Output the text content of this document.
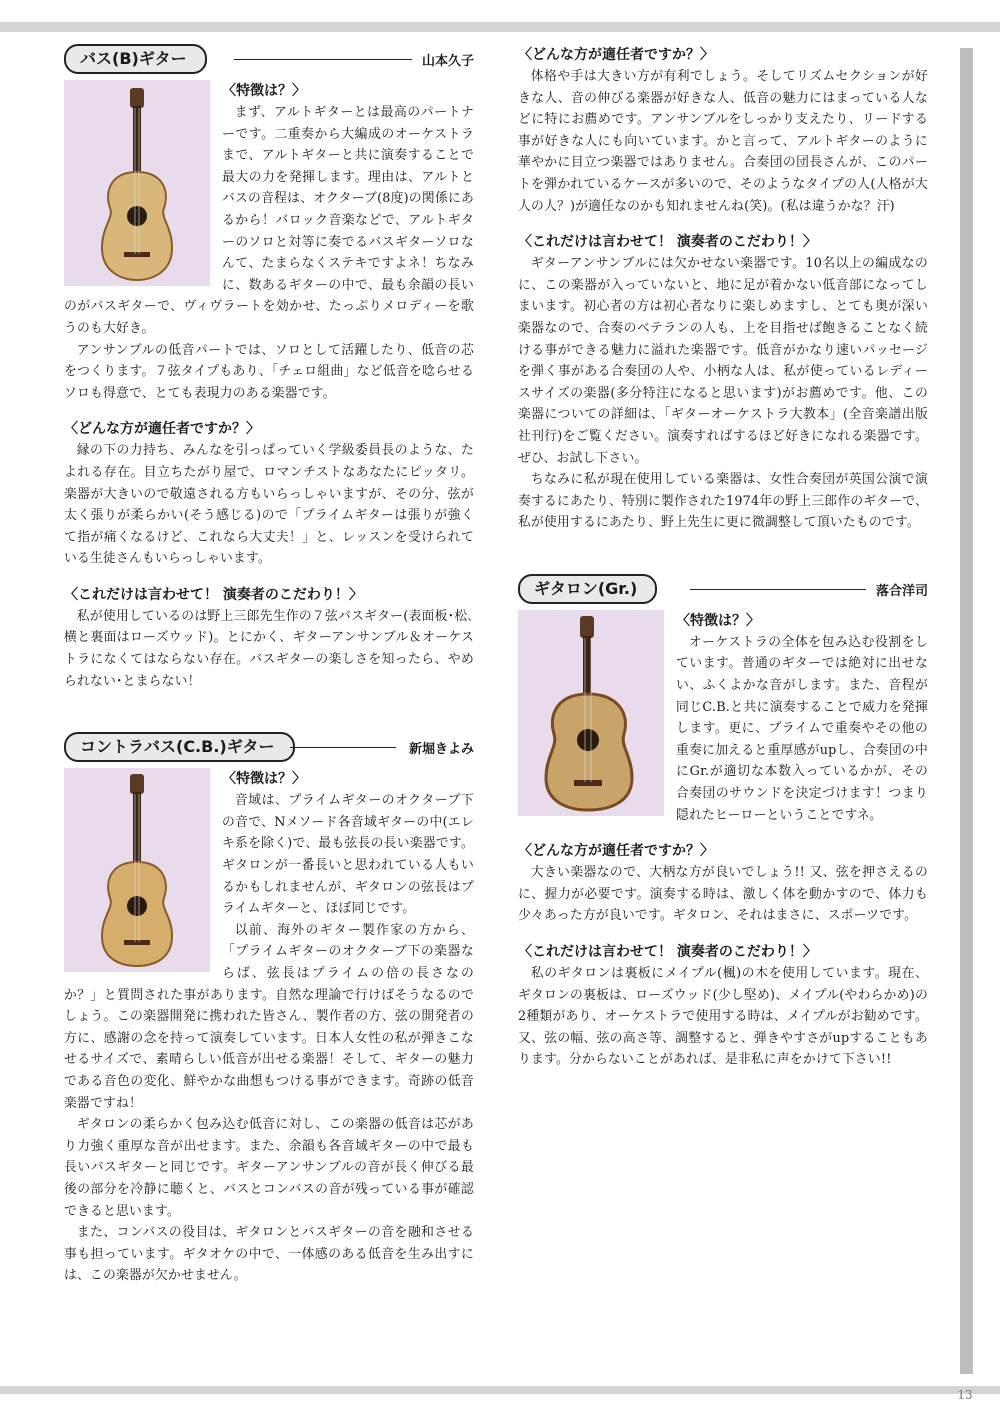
13
バス(B)ギター	山本久子
〈特徴は？〉

まず、アルトギターとは最高のパートナーです。二重奏から大編成のオーケストラまで、アルトギターと共に演奏することで最大の力を発揮します。理由は、アルトとバスの音程は、オクターブ(8度)の関係にあるから！バロック音楽などで、アルトギターのソロと対等に奏でるバスギターソロなんて、たまらなくステキですよネ！ちなみに、数あるギターの中で、最も余韻の長いのがバスギターで、ヴィヴラートを効かせ、たっぷりメロディーを歌うのも大好き。

アンサンブルの低音パートでは、ソロとして活躍したり、低音の芯をつくります。７弦タイプもあり、「チェロ組曲」など低音を唸らせるソロも得意で、とても表現力のある楽器です。

〈どんな方が適任者ですか？〉

縁の下の力持ち、みんなを引っぱっていく学級委員長のような、たよれる存在。目立ちたがり屋で、ロマンチストなあなたにピッタリ。楽器が大きいので敬遠される方もいらっしゃいますが、その分、弦が太く張りが柔らかい(そう感じる)ので「プライムギターは張りが強くて指が痛くなるけど、これなら大丈夫！」と、レッスンを受けられている生徒さんもいらっしゃいます。

〈これだけは言わせて！ 演奏者のこだわり！〉

私が使用しているのは野上三郎先生作の７弦バスギター(表面板･松､横と裏面はローズウッド)。とにかく、ギターアンサンブル＆オーケストラになくてはならない存在。バスギターの楽しさを知ったら、やめられない･とまらない！

コントラバス(C.B.)ギター	新堀きよみ
〈特徴は？〉

音域は、プライムギターのオクターブ下の音で、Nメソード各音域ギターの中(エレキ系を除く)で、最も弦長の長い楽器です。ギタロンが一番長いと思われている人もいるかもしれませんが、ギタロンの弦長はプライムギターと、ほぼ同じです。

以前、海外のギター製作家の方から、「プライムギターのオクターブ下の楽器ならば、弦長はプライムの倍の長さなのか？」と質問された事があります。自然な理論で行けばそうなるのでしょう。この楽器開発に携われた皆さん、製作者の方、弦の開発者の方に、感謝の念を持って演奏しています。日本人女性の私が弾きこなせるサイズで、素晴らしい低音が出せる楽器！そして、ギターの魅力である音色の変化、鮮やかな曲想もつける事ができます。奇跡の低音楽器ですね！

ギタロンの柔らかく包み込む低音に対し、この楽器の低音は芯があり力強く重厚な音が出せます。また、余韻も各音域ギターの中で最も長いバスギターと同じです。ギターアンサンブルの音が長く伸びる最後の部分を冷静に聴くと、バスとコンバスの音が残っている事が確認できると思います。

また、コンバスの役目は、ギタロンとバスギターの音を融和させる事も担っています。ギタオケの中で、一体感のある低音を生み出すには、この楽器が欠かせません。

〈どんな方が適任者ですか？〉

体格や手は大きい方が有利でしょう。そしてリズムセクションが好きな人、音の伸びる楽器が好きな人、低音の魅力にはまっている人などに特にお薦めです。アンサンブルをしっかり支えたり、リードする事が好きな人にも向いています。かと言って、アルトギターのように華やかに目立つ楽器ではありません。合奏団の団長さんが、このパートを弾かれているケースが多いので、そのようなタイプの人(人格が大人の人？)が適任なのかも知れませんね(笑)。(私は違うかな？汗)

〈これだけは言わせて！ 演奏者のこだわり！〉

ギターアンサンブルには欠かせない楽器です。10名以上の編成なのに、この楽器が入っていないと、地に足が着かない低音部になってしまいます。初心者の方は初心者なりに楽しめますし、とても奥が深い楽器なので、合奏のベテランの人も、上を目指せば飽きることなく続ける事ができる魅力に溢れた楽器です。低音がかなり速いパッセージを弾く事がある合奏団の人や、小柄な人は、私が使っているレディースサイズの楽器(多分特注になると思います)がお薦めです。他、この楽器についての詳細は、「ギターオーケストラ大教本」(全音楽譜出版社刊行)をご覧ください。演奏すればするほど好きになれる楽器です。ぜひ、お試し下さい。

ちなみに私が現在使用している楽器は、女性合奏団が英国公演で演奏するにあたり、特別に製作された1974年の野上三郎作のギターで、私が使用するにあたり、野上先生に更に微調整して頂いたものです。

ギタロン(Gr.)	落合洋司
〈特徴は？〉

オーケストラの全体を包み込む役割をしています。普通のギターでは絶対に出せない、ふくよかな音がします。また、音程が同じC.B.と共に演奏することで威力を発揮します。更に、プライムで重奏やその他の重奏に加えると重厚感がupし、合奏団の中にGr.が適切な本数入っているかが、その合奏団のサウンドを決定づけます！つまり隠れたヒーローということですネ。

〈どんな方が適任者ですか？〉

大きい楽器なので、大柄な方が良いでしょう!! 又、弦を押さえるのに、握力が必要です。演奏する時は、激しく体を動かすので、体力も少々あった方が良いです。ギタロン、それはまさに、スポーツです。

〈これだけは言わせて！ 演奏者のこだわり！〉

私のギタロンは裏板にメイプル(楓)の木を使用しています。現在、ギタロンの裏板は、ローズウッド(少し堅め)、メイプル(やわらかめ)の2種類があり、オーケストラで使用する時は、メイプルがお勧めです。又、弦の幅、弦の高さ等、調整すると、弾きやすさがupすることもあります。分からないことがあれば、是非私に声をかけて下さい!!
